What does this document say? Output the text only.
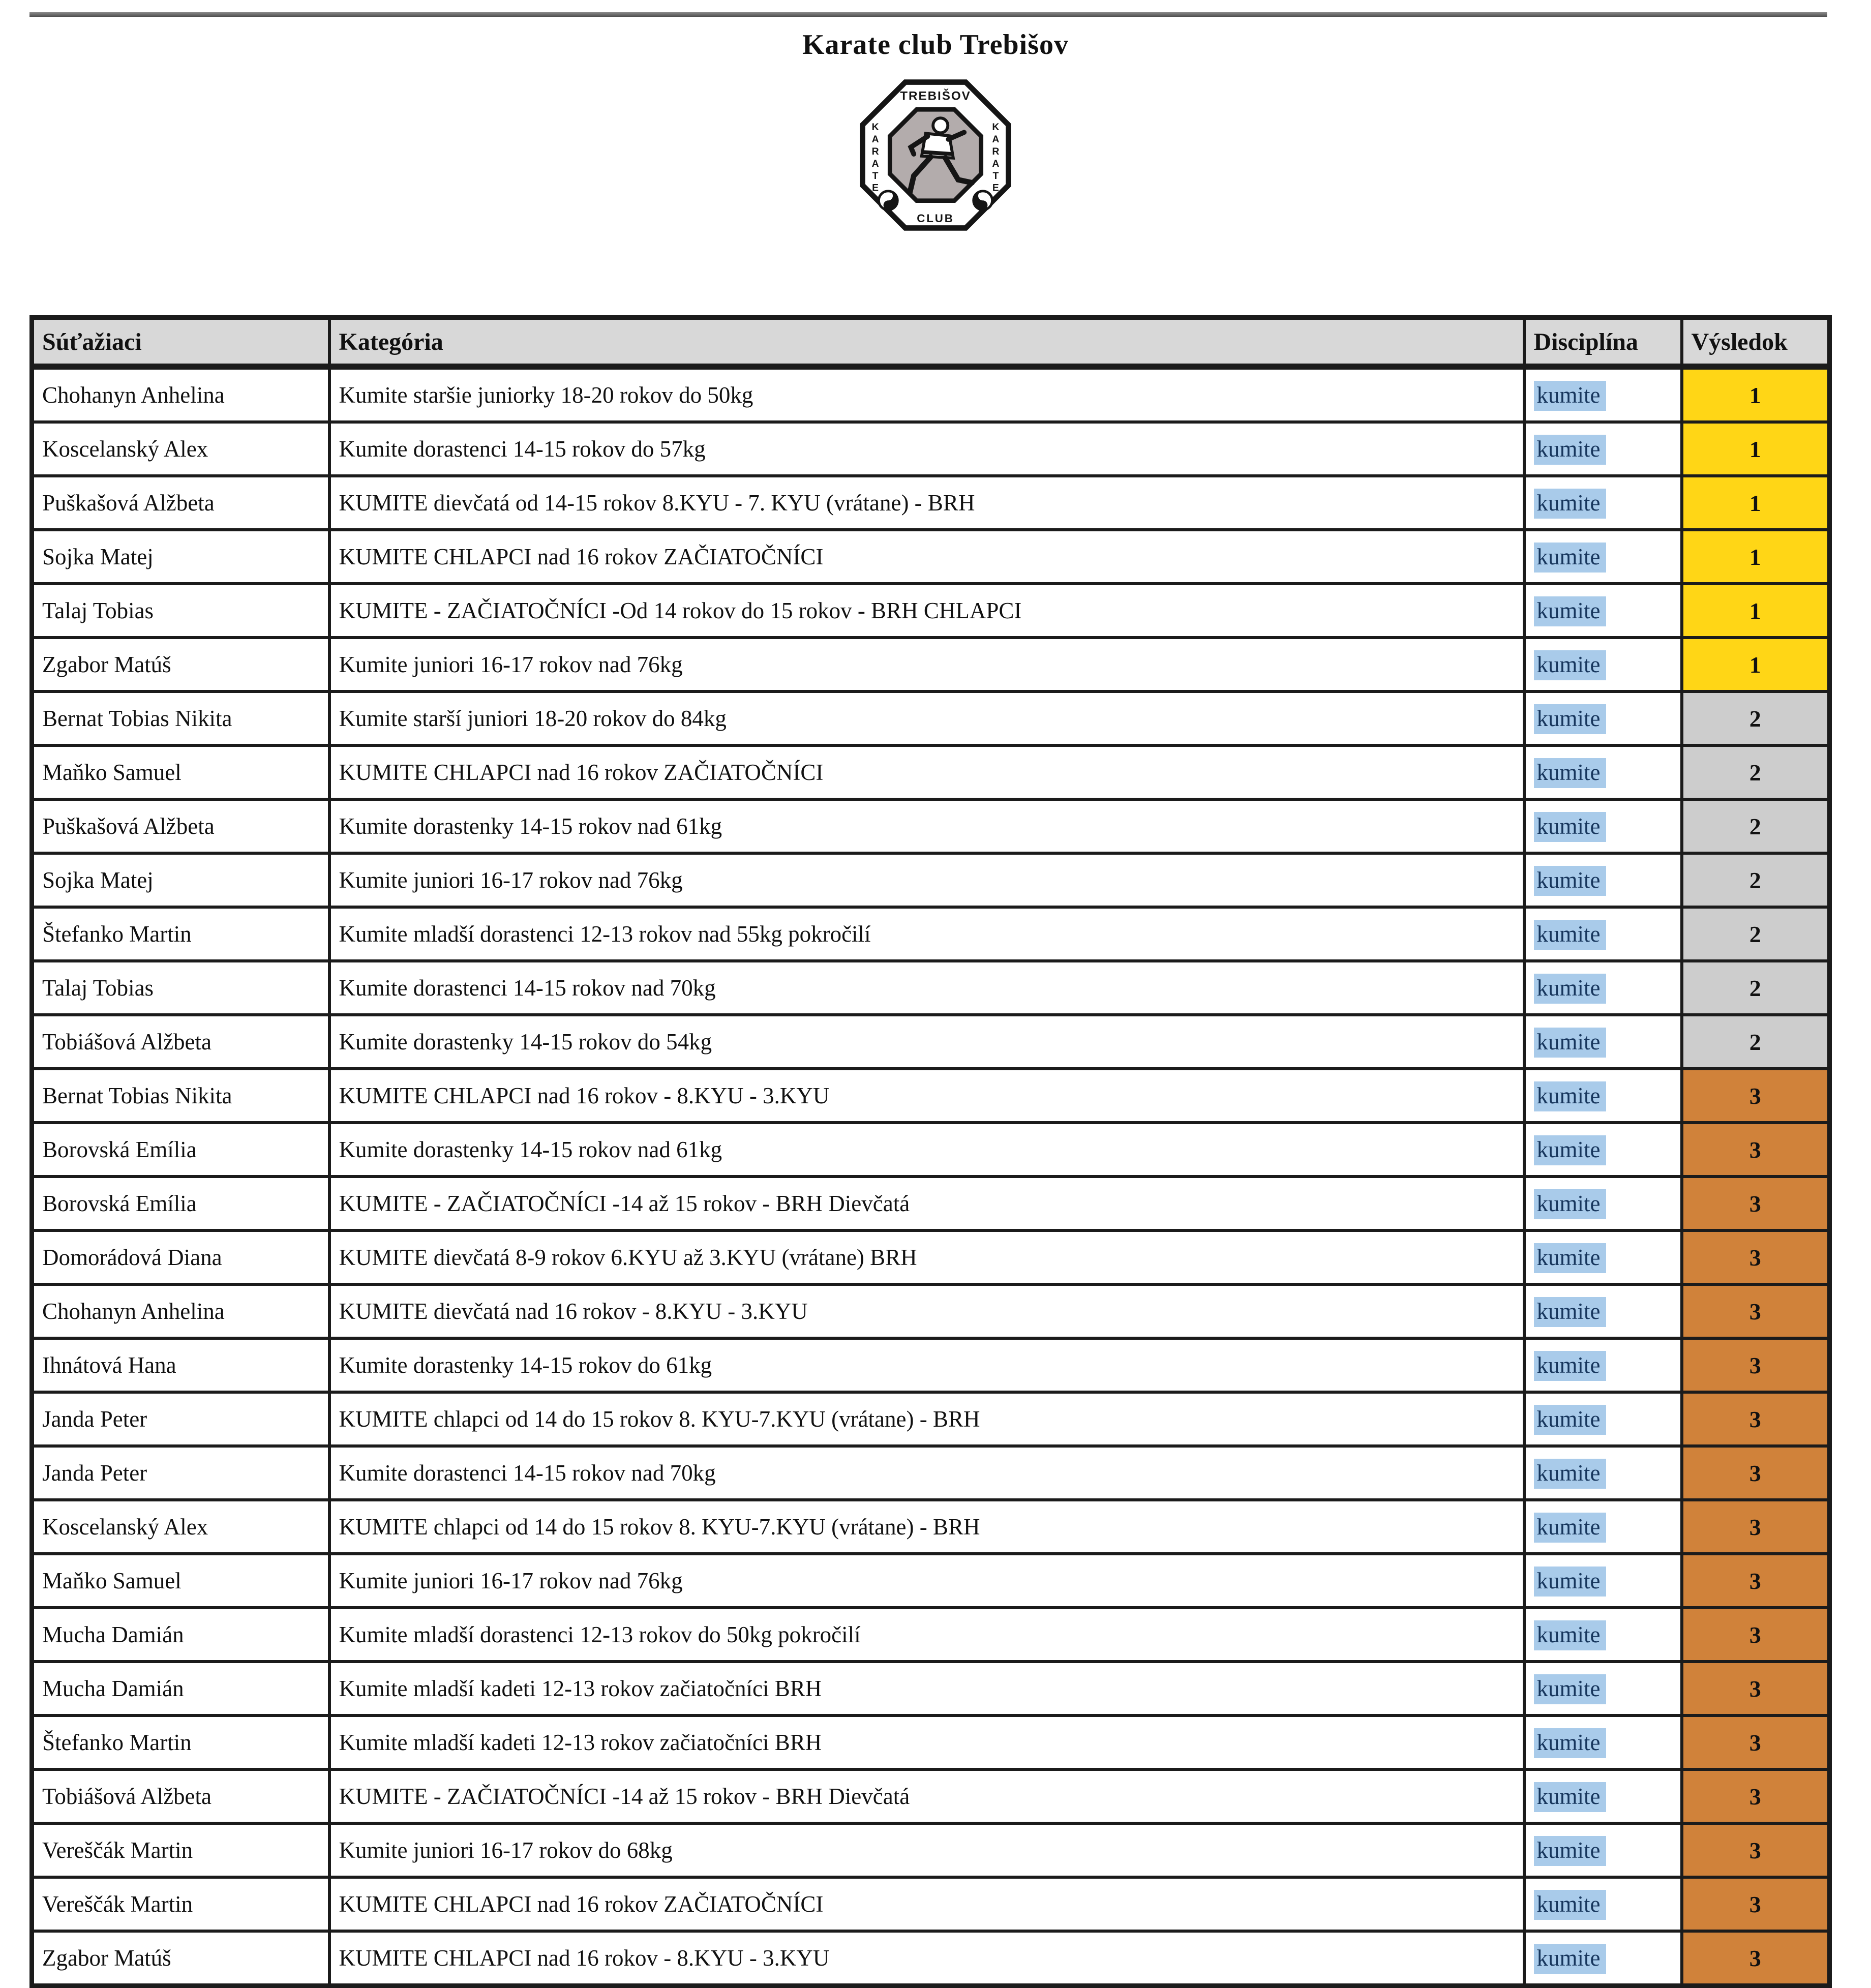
Karate club Trebišov
TREBIŠOV
CLUB
KARATE	KARATE
Súťažiaci	Kategória	Disciplína	Výsledok
Chohanyn Anhelina	Kumite staršie juniorky 18-20 rokov do 50kg	kumite	1
Koscelanský Alex	Kumite dorastenci 14-15 rokov do 57kg	kumite	1
Puškašová Alžbeta	KUMITE dievčatá od 14-15 rokov 8.KYU - 7. KYU (vrátane) - BRH	kumite	1
Sojka Matej	KUMITE CHLAPCI nad 16 rokov ZAČIATOČNÍCI	kumite	1
Talaj Tobias	KUMITE - ZAČIATOČNÍCI -Od 14 rokov do 15 rokov - BRH CHLAPCI	kumite	1
Zgabor Matúš	Kumite juniori 16-17 rokov nad 76kg	kumite	1
Bernat Tobias Nikita	Kumite starší juniori 18-20 rokov do 84kg	kumite	2
Maňko Samuel	KUMITE CHLAPCI nad 16 rokov ZAČIATOČNÍCI	kumite	2
Puškašová Alžbeta	Kumite dorastenky 14-15 rokov nad 61kg	kumite	2
Sojka Matej	Kumite juniori 16-17 rokov nad 76kg	kumite	2
Štefanko Martin	Kumite mladší dorastenci 12-13 rokov nad 55kg pokročilí	kumite	2
Talaj Tobias	Kumite dorastenci 14-15 rokov nad 70kg	kumite	2
Tobiášová Alžbeta	Kumite dorastenky 14-15 rokov do 54kg	kumite	2
Bernat Tobias Nikita	KUMITE CHLAPCI nad 16 rokov - 8.KYU - 3.KYU	kumite	3
Borovská Emília	Kumite dorastenky 14-15 rokov nad 61kg	kumite	3
Borovská Emília	KUMITE - ZAČIATOČNÍCI -14 až 15 rokov - BRH Dievčatá	kumite	3
Domorádová Diana	KUMITE dievčatá 8-9 rokov 6.KYU až 3.KYU (vrátane) BRH	kumite	3
Chohanyn Anhelina	KUMITE dievčatá nad 16 rokov - 8.KYU - 3.KYU	kumite	3
Ihnátová Hana	Kumite dorastenky 14-15 rokov do 61kg	kumite	3
Janda Peter	KUMITE chlapci od 14 do 15 rokov 8. KYU-7.KYU (vrátane) - BRH	kumite	3
Janda Peter	Kumite dorastenci 14-15 rokov nad 70kg	kumite	3
Koscelanský Alex	KUMITE chlapci od 14 do 15 rokov 8. KYU-7.KYU (vrátane) - BRH	kumite	3
Maňko Samuel	Kumite juniori 16-17 rokov nad 76kg	kumite	3
Mucha Damián	Kumite mladší dorastenci 12-13 rokov do 50kg pokročilí	kumite	3
Mucha Damián	Kumite mladší kadeti 12-13 rokov začiatočníci BRH	kumite	3
Štefanko Martin	Kumite mladší kadeti 12-13 rokov začiatočníci BRH	kumite	3
Tobiášová Alžbeta	KUMITE - ZAČIATOČNÍCI -14 až 15 rokov - BRH Dievčatá	kumite	3
Vereščák Martin	Kumite juniori 16-17 rokov do 68kg	kumite	3
Vereščák Martin	KUMITE CHLAPCI nad 16 rokov ZAČIATOČNÍCI	kumite	3
Zgabor Matúš	KUMITE CHLAPCI nad 16 rokov - 8.KYU - 3.KYU	kumite	3
